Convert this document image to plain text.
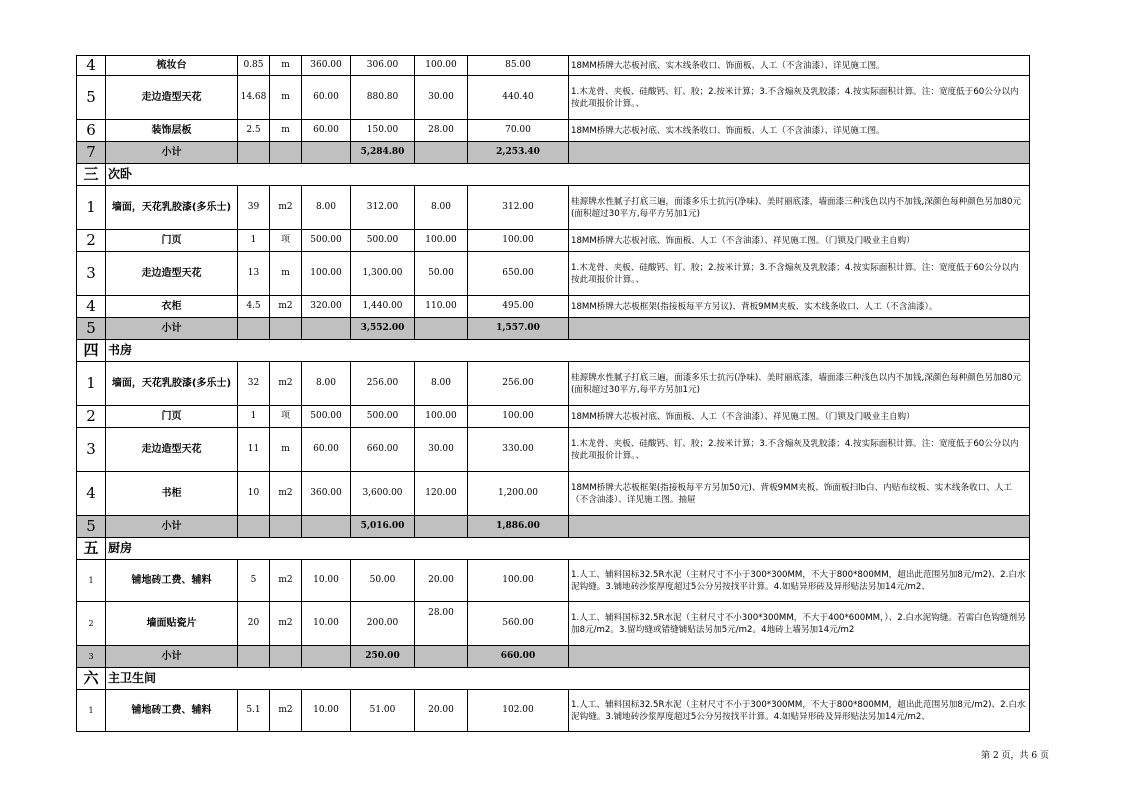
4	梳妆台	0.85	m	360.00	306.00	100.00	85.00	18MM桥牌大芯板衬底、实木线条收口、饰面板、人工（不含油漆）、详见施工图。
5	走边造型天花	14.68	m	60.00	880.80	30.00	440.40	1.木龙骨、夹板、硅酸钙、钉、胶；2.按米计算；3.不含煽灰及乳胶漆；4.按实际面积计算。注：宽度低于60公分以内按此项报价计算。、
6	装饰层板	2.5	m	60.00	150.00	28.00	70.00	18MM桥牌大芯板衬底、实木线条收口、饰面板、人工（不含油漆）、详见施工图。
7	小计				5,284.80		2,253.40	
三	次卧							
1	墙面，天花乳胶漆(多乐士)	39	m2	8.00	312.00	8.00	312.00	桂源牌水性腻子打底三遍，面漆多乐士抗污(净味)、美时丽底漆，墙面漆三种浅色以内不加钱,深颜色每种颜色另加80元(面积超过30平方,每平方另加1元)
2	门页	1	项	500.00	500.00	100.00	100.00	18MM桥牌大芯板衬底、饰面板、人工（不含油漆）、祥见施工图。（门锁及门吸业主自购）
3	走边造型天花	13	m	100.00	1,300.00	50.00	650.00	1.木龙骨、夹板、硅酸钙、钉、胶；2.按米计算；3.不含煽灰及乳胶漆；4.按实际面积计算。注：宽度低于60公分以内按此项报价计算。、
4	衣柜	4.5	m2	320.00	1,440.00	110.00	495.00	18MM桥牌大芯板框架(指接板每平方另议)、背板9MM夹板、实木线条收口、人工（不含油漆）。
5	小计				3,552.00		1,557.00	
四	书房							
1	墙面，天花乳胶漆(多乐士)	32	m2	8.00	256.00	8.00	256.00	桂源牌水性腻子打底三遍，面漆多乐士抗污(净味)、美时丽底漆，墙面漆三种浅色以内不加钱,深颜色每种颜色另加80元(面积超过30平方,每平方另加1元)
2	门页	1	项	500.00	500.00	100.00	100.00	18MM桥牌大芯板衬底、饰面板、人工（不含油漆）、祥见施工图。（门锁及门吸业主自购）
3	走边造型天花	11	m	60.00	660.00	30.00	330.00	1.木龙骨、夹板、硅酸钙、钉、胶；2.按米计算；3.不含煽灰及乳胶漆；4.按实际面积计算。注：宽度低于60公分以内按此项报价计算。、
4	书柜	10	m2	360.00	3,600.00	120.00	1,200.00	18MM桥牌大芯板框架(指接板每平方另加50元)、背板9MM夹板、饰面板扫lb白、内贴布纹板、实木线条收口、人工（不含油漆）、详见施工图。抽屉
5	小计				5,016.00		1,886.00	
五	厨房							
1	铺地砖工费、辅料	5	m2	10.00	50.00	20.00	100.00	1.人工、辅料国标32.5R水泥（主材尺寸不小于300*300MM，不大于800*800MM，超出此范围另加8元/m2)、2.白水泥钩缝。3.铺地砖沙浆厚度超过5公分另按找平计算。4.如贴异形砖及异形贴法另加14元/m2、
2	墙面贴瓷片	20	m2	10.00	200.00	28.00	560.00	1.人工、辅料国标32.5R水泥（主材尺寸不小300*300MM，不大于400*600MM，）、2.白水泥钩缝。若需白色钩缝剂另加8元/m2。3.留均缝或错缝铺贴法另加5元/m2。4地砖上墙另加14元/m2
3	小计				250.00		660.00	
六	主卫生间							
1	铺地砖工费、辅料	5.1	m2	10.00	51.00	20.00	102.00	1.人工、辅料国标32.5R水泥（主材尺寸不小于300*300MM，不大于800*800MM，超出此范围另加8元/m2)、2.白水泥钩缝。3.铺地砖沙浆厚度超过5公分另按找平计算。4.如贴异形砖及异形贴法另加14元/m2、
第 2 页，共 6 页
